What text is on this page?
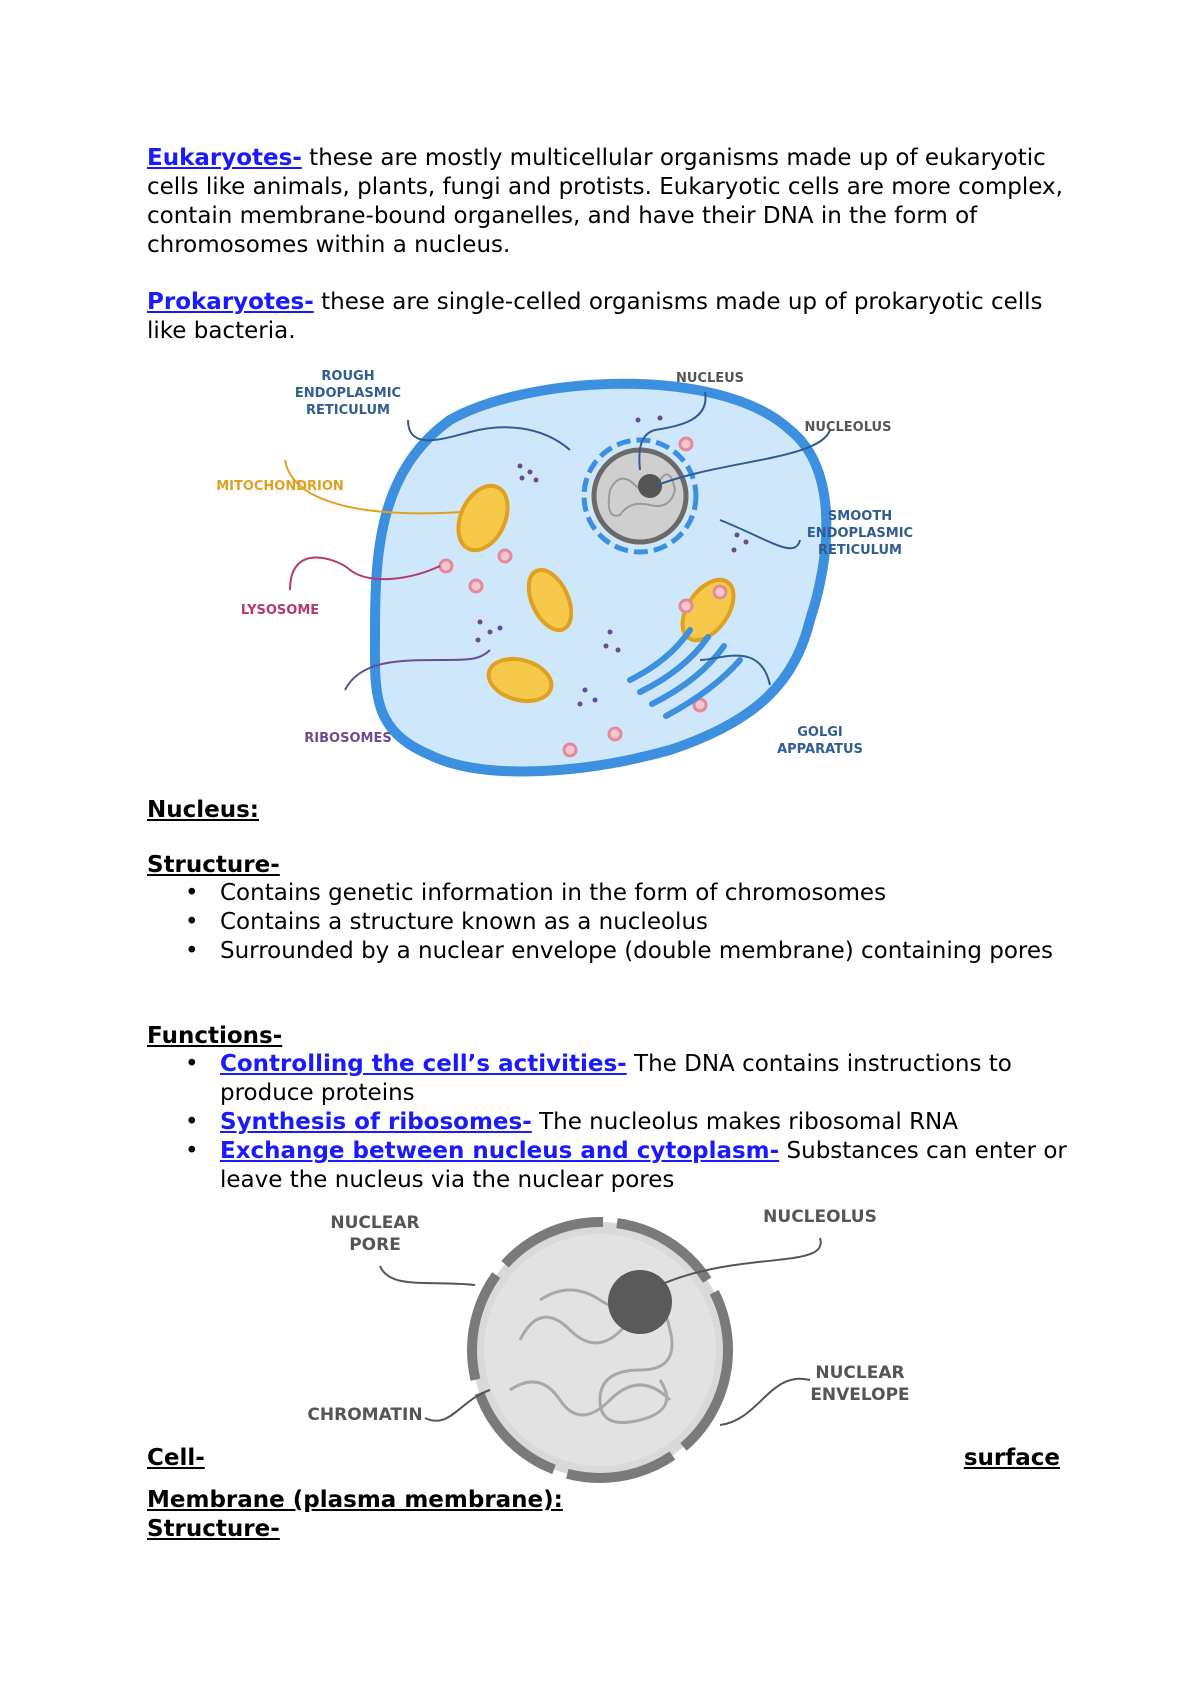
Eukaryotes- these are mostly multicellular organisms made up of eukaryotic cells like animals, plants, fungi and protists. Eukaryotic cells are more complex, contain membrane-bound organelles, and have their DNA in the form of chromosomes within a nucleus.
Prokaryotes- these are single-celled organisms made up of prokaryotic cells like bacteria.
ROUGH
ENDOPLASMIC
RETICULUM
NUCLEUS
NUCLEOLUS
MITOCHONDRION
SMOOTH
ENDOPLASMIC
RETICULUM
LYSOSOME
RIBOSOMES	GOLGI
APPARATUS
Nucleus:
Structure-
• Contains genetic information in the form of chromosomes
• Contains a structure known as a nucleolus
• Surrounded by a nuclear envelope (double membrane) containing pores
Functions-
• Controlling the cell’s activities- The DNA contains instructions to produce proteins
• Synthesis of ribosomes- The nucleolus makes ribosomal RNA
• Exchange between nucleus and cytoplasm- Substances can enter or leave the nucleus via the nuclear pores
NUCLEAR
PORE
NUCLEOLUS
NUCLEAR
ENVELOPE
CHROMATIN
Cell-	surface
Membrane (plasma membrane):
Structure-
